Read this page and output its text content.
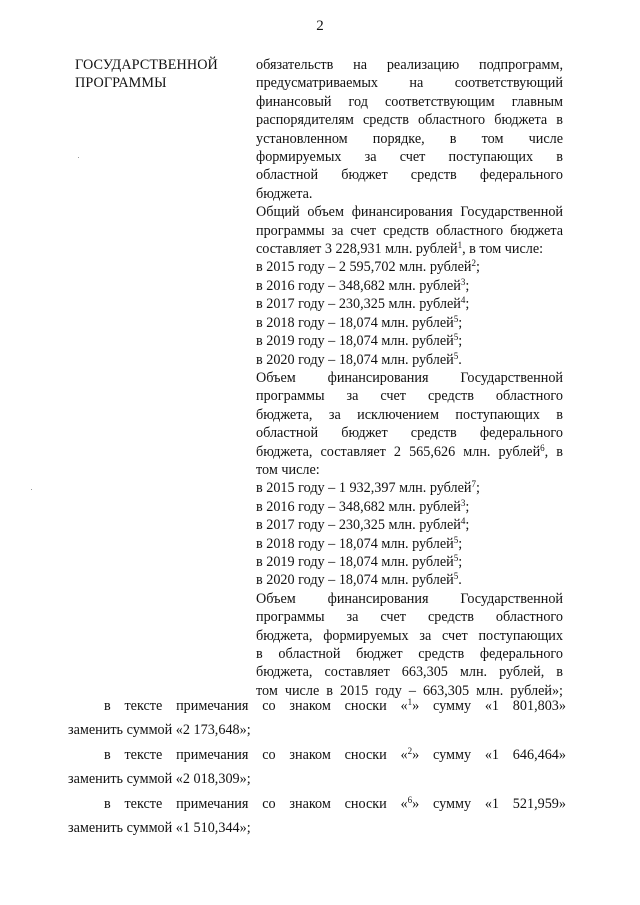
2
ГОСУДАРСТВЕННОЙ
ПРОГРАММЫ
обязательств на реализацию подпрограмм,
предусматриваемых на соответствующий
финансовый год соответствующим главным
распорядителям средств областного бюджета в
установленном порядке, в том числе
формируемых за счет поступающих в
областной бюджет средств федерального
бюджета.
Общий объем финансирования Государственной
программы за счет средств областного бюджета
составляет 3 228,931 млн. рублей$^1$, в том числе:
в 2015 году – 2 595,702 млн. рублей$^2$;
в 2016 году – 348,682 млн. рублей$^3$;
в 2017 году – 230,325 млн. рублей$^4$;
в 2018 году – 18,074 млн. рублей$^5$;
в 2019 году – 18,074 млн. рублей$^5$;
в 2020 году – 18,074 млн. рублей$^5$.
Объем финансирования Государственной
программы за счет средств областного
бюджета, за исключением поступающих в
областной бюджет средств федерального
бюджета, составляет 2 565,626 млн. рублей$^6$, в
том числе:
в 2015 году – 1 932,397 млн. рублей$^7$;
в 2016 году – 348,682 млн. рублей$^3$;
в 2017 году – 230,325 млн. рублей$^4$;
в 2018 году – 18,074 млн. рублей$^5$;
в 2019 году – 18,074 млн. рублей$^5$;
в 2020 году – 18,074 млн. рублей$^5$.
Объем финансирования Государственной
программы за счет средств областного
бюджета, формируемых за счет поступающих
в областной бюджет средств федерального
бюджета, составляет 663,305 млн. рублей, в
том числе в 2015 году – 663,305 млн. рублей»;
в тексте примечания со знаком сноски «$^1$» сумму «1 801,803»
заменить суммой «2 173,648»;
в тексте примечания со знаком сноски «$^2$» сумму «1 646,464»
заменить суммой «2 018,309»;
в тексте примечания со знаком сноски «$^6$» сумму «1 521,959»
заменить суммой «1 510,344»;
